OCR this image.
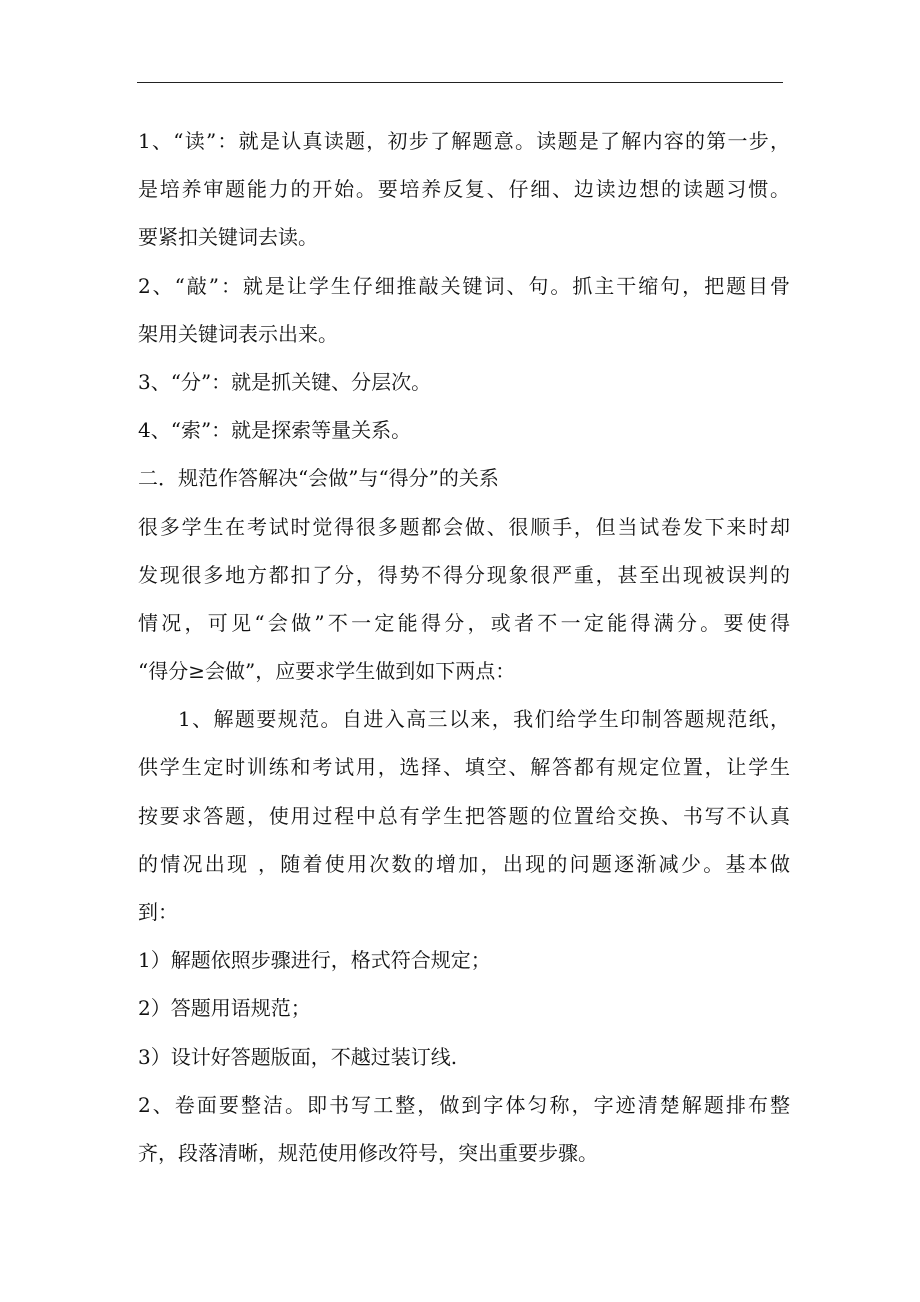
1、“读”：就是认真读题，初步了解题意。读题是了解内容的第一步，
是培养审题能力的开始。要培养反复、仔细、边读边想的读题习惯。
要紧扣关键词去读。
2、“敲”：就是让学生仔细推敲关键词、句。抓主干缩句，把题目骨
架用关键词表示出来。
3、“分”：就是抓关键、分层次。
4、“索”：就是探索等量关系。
二．规范作答解决“会做”与“得分”的关系
很多学生在考试时觉得很多题都会做、很顺手，但当试卷发下来时却
发现很多地方都扣了分，得势不得分现象很严重，甚至出现被误判的
情况，可见“会做”不一定能得分，或者不一定能得满分。要使得
“得分≥会做”，应要求学生做到如下两点：
1、解题要规范。自进入高三以来，我们给学生印制答题规范纸，
供学生定时训练和考试用，选择、填空、解答都有规定位置，让学生
按要求答题，使用过程中总有学生把答题的位置给交换、书写不认真
的情况出现 ，随着使用次数的增加，出现的问题逐渐减少。基本做
到：
1）解题依照步骤进行，格式符合规定；
2）答题用语规范；
3）设计好答题版面，不越过装订线.
2、卷面要整洁。即书写工整，做到字体匀称，字迹清楚解题排布整
齐，段落清晰，规范使用修改符号，突出重要步骤。
